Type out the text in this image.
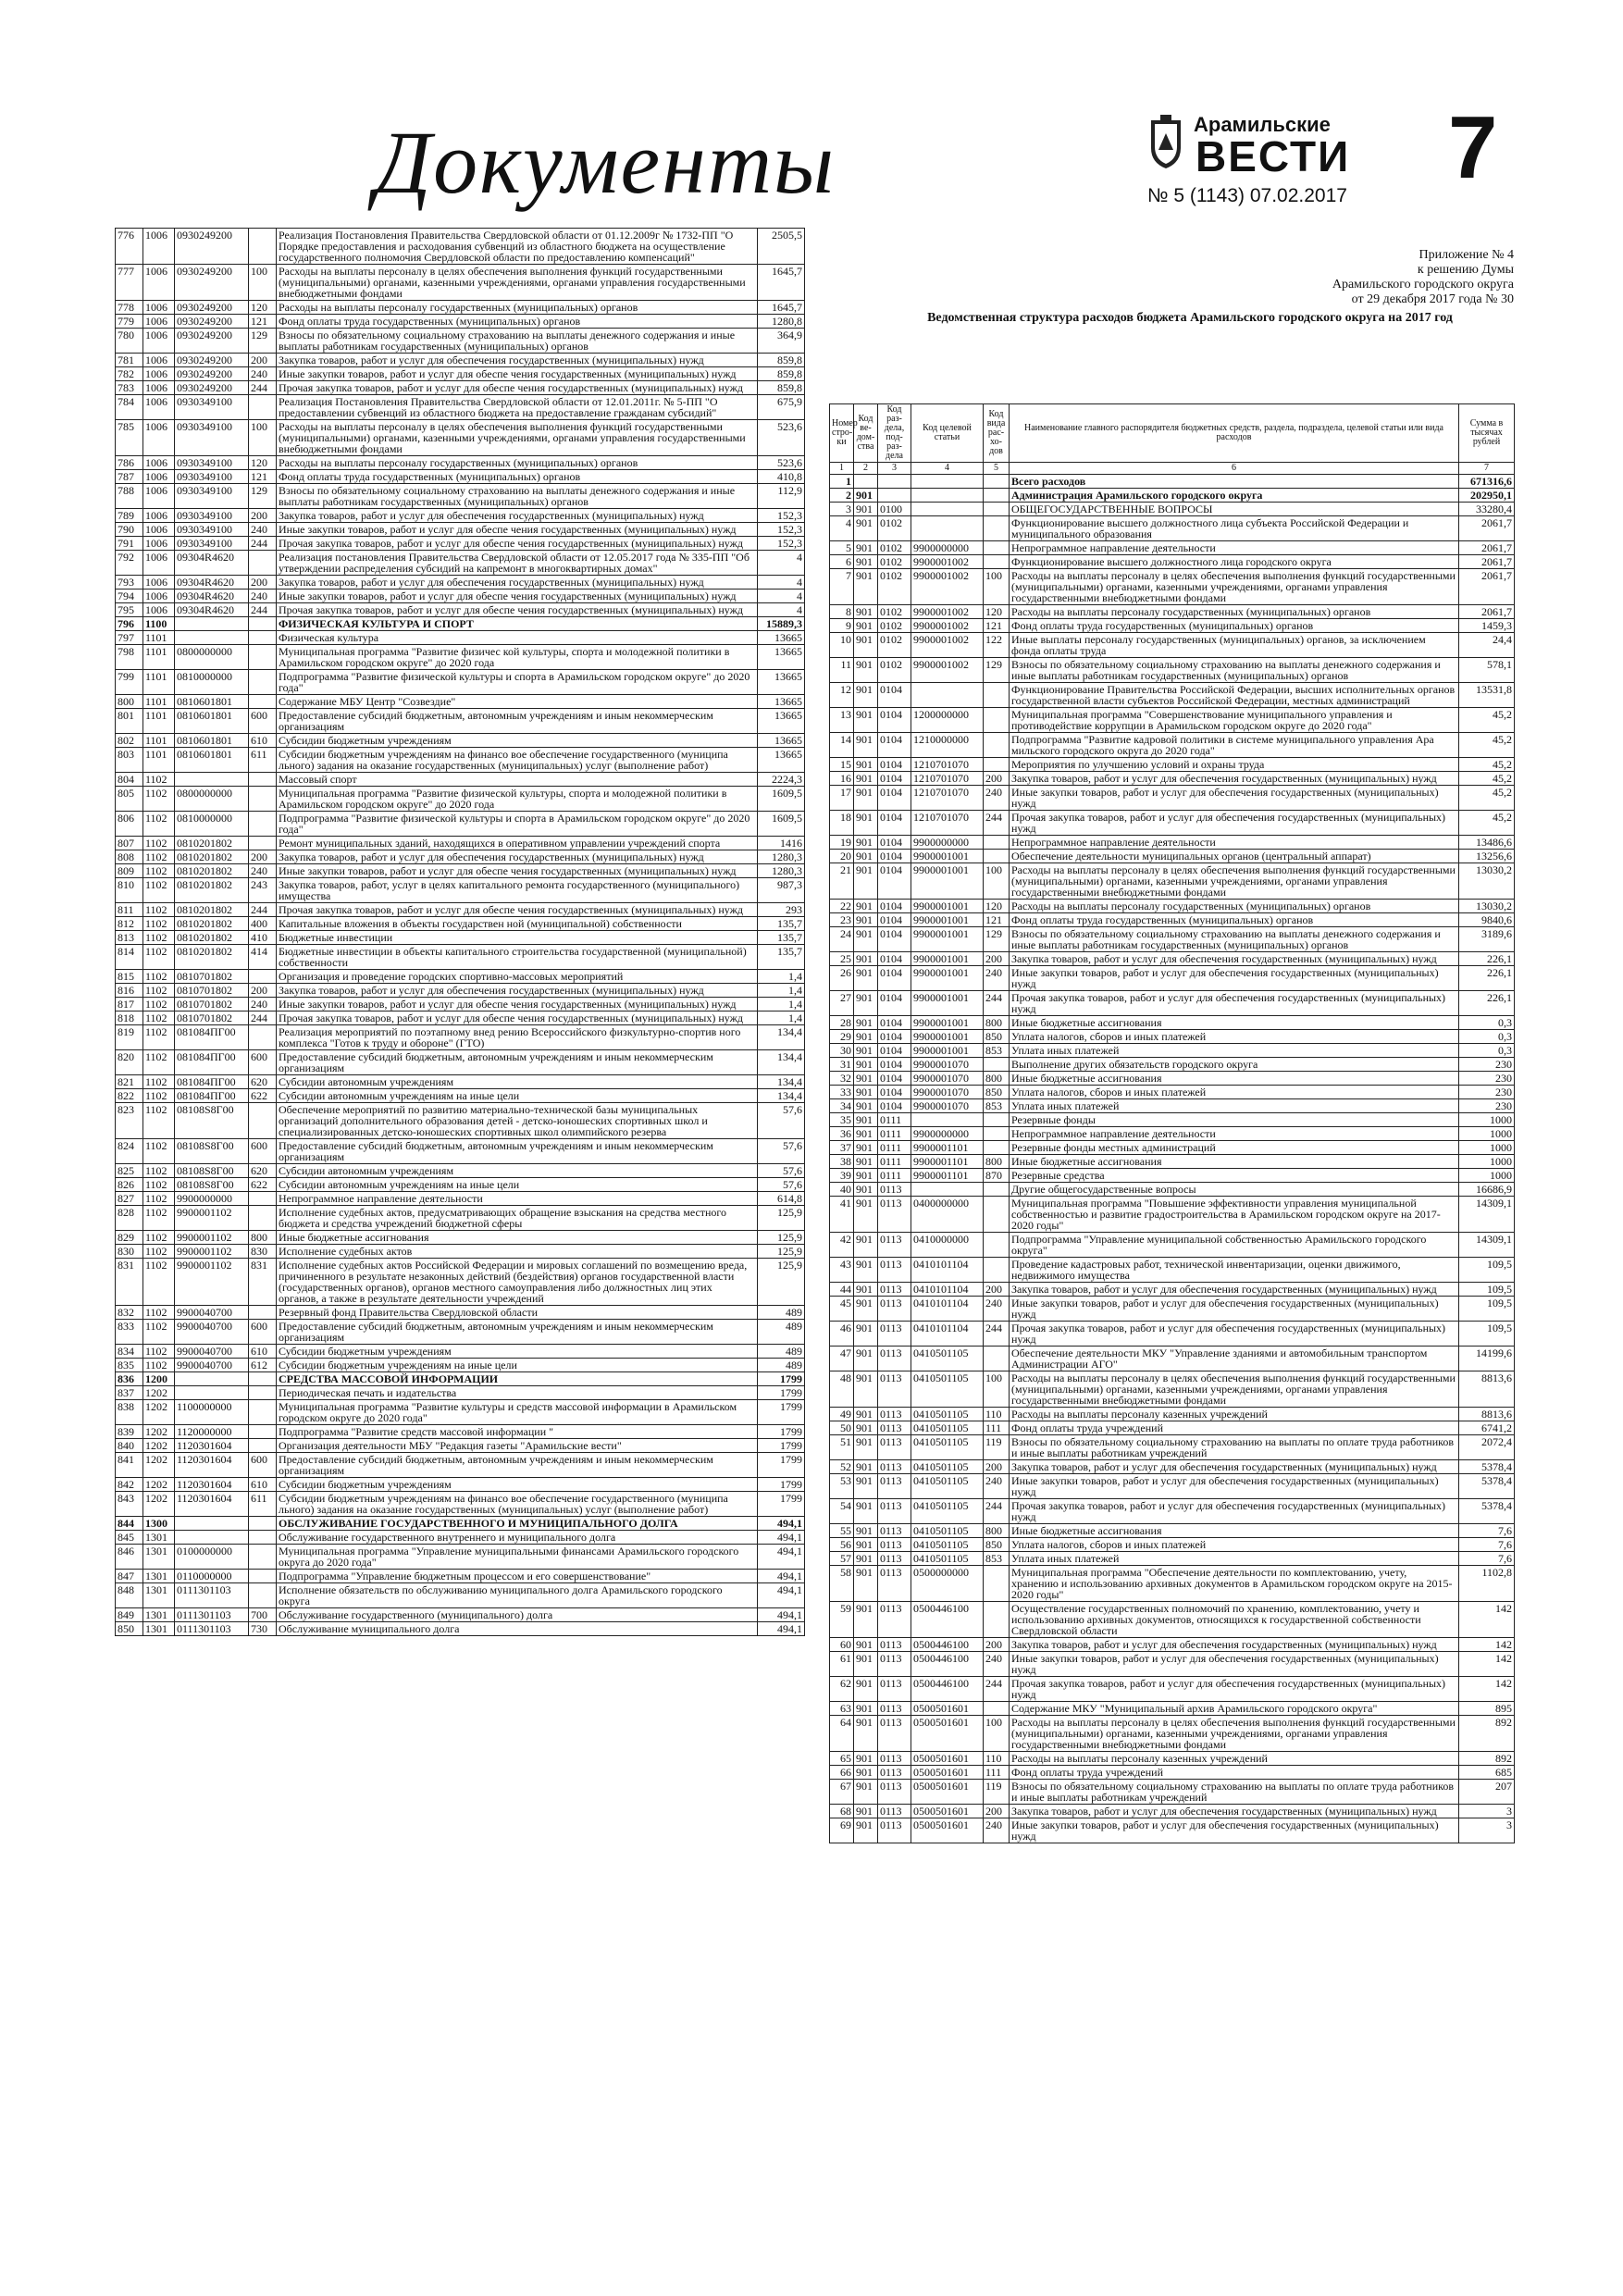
Документы	Арамильские
ВЕСТИ
№ 5 (1143) 07.02.2017 7
776	1006	0930249200		Реализация Постановления Правительства Свердловской области от 01.12.2009г № 1732-ПП "О Порядке предоставления и расходования субвенций из областного бюджета на осуществление государственного полномочия Свердловской области по предоставлению компенсаций"	2505,5
777	1006	0930249200	100	Расходы на выплаты персоналу в целях обеспечения выполнения функций государственными (муниципальными) органами, казенными учреждениями, органами управления государственными внебюджетными фондами	1645,7
778	1006	0930249200	120	Расходы на выплаты персоналу государственных (муниципальных) органов	1645,7
779	1006	0930249200	121	Фонд оплаты труда государственных (муниципальных) органов	1280,8
780	1006	0930249200	129	Взносы по обязательному социальному страхованию на выплаты денежного содержания и иные выплаты работникам государственных (муниципальных) органов	364,9
781	1006	0930249200	200	Закупка товаров, работ и услуг для обеспечения государственных (муниципальных) нужд	859,8
782	1006	0930249200	240	Иные закупки товаров, работ и услуг для обеспе чения государственных (муниципальных) нужд	859,8
783	1006	0930249200	244	Прочая закупка товаров, работ и услуг для обеспе чения государственных (муниципальных) нужд	859,8
784	1006	0930349100		Реализация Постановления Правительства Свердловской области от 12.01.2011г. № 5-ПП "О предоставлении субвенций из областного бюджета на предоставление гражданам субсидий"	675,9
785	1006	0930349100	100	Расходы на выплаты персоналу в целях обеспечения выполнения функций государственными (муниципальными) органами, казенными учреждениями, органами управления государственными внебюджетными фондами	523,6
786	1006	0930349100	120	Расходы на выплаты персоналу государственных (муниципальных) органов	523,6
787	1006	0930349100	121	Фонд оплаты труда государственных (муниципальных) органов	410,8
788	1006	0930349100	129	Взносы по обязательному социальному страхованию на выплаты денежного содержания и иные выплаты работникам государственных (муниципальных) органов	112,9
789	1006	0930349100	200	Закупка товаров, работ и услуг для обеспечения государственных (муниципальных) нужд	152,3
790	1006	0930349100	240	Иные закупки товаров, работ и услуг для обеспе чения государственных (муниципальных) нужд	152,3
791	1006	0930349100	244	Прочая закупка товаров, работ и услуг для обеспе чения государственных (муниципальных) нужд	152,3
792	1006	09304R4620		Реализация постановления Правительства Свердловской области от 12.05.2017 года № 335-ПП "Об утверждении распределения субсидий на капремонт в многоквартирных домах"	4
793	1006	09304R4620	200	Закупка товаров, работ и услуг для обеспечения государственных (муниципальных) нужд	4
794	1006	09304R4620	240	Иные закупки товаров, работ и услуг для обеспе чения государственных (муниципальных) нужд	4
795	1006	09304R4620	244	Прочая закупка товаров, работ и услуг для обеспе чения государственных (муниципальных) нужд	4
796	1100			ФИЗИЧЕСКАЯ КУЛЬТУРА И СПОРТ	15889,3
797	1101			Физическая культура	13665
798	1101	0800000000		Муниципальная программа "Развитие физичес кой культуры, спорта и молодежной политики в Арамильском городском округе" до 2020 года	13665
799	1101	0810000000		Подпрограмма "Развитие физической культуры и спорта в Арамильском городском округе" до 2020 года"	13665
800	1101	0810601801		Содержание МБУ Центр "Созвездие"	13665
801	1101	0810601801	600	Предоставление субсидий бюджетным, автономным учреждениям и иным некоммерческим организациям	13665
802	1101	0810601801	610	Субсидии бюджетным учреждениям	13665
803	1101	0810601801	611	Субсидии бюджетным учреждениям на финансо вое обеспечение государственного (муниципа льного) задания на оказание государственных (муниципальных) услуг (выполнение работ)	13665
804	1102			Массовый спорт	2224,3
805	1102	0800000000		Муниципальная программа "Развитие физической культуры, спорта и молодежной политики в Арамильском городском округе" до 2020 года	1609,5
806	1102	0810000000		Подпрограмма "Развитие физической культуры и спорта в Арамильском городском округе" до 2020 года"	1609,5
807	1102	0810201802		Ремонт муниципальных зданий, находящихся в оперативном управлении учреждений спорта	1416
808	1102	0810201802	200	Закупка товаров, работ и услуг для обеспечения государственных (муниципальных) нужд	1280,3
809	1102	0810201802	240	Иные закупки товаров, работ и услуг для обеспе чения государственных (муниципальных) нужд	1280,3
810	1102	0810201802	243	Закупка товаров, работ, услуг в целях капитального ремонта государственного (муниципального) имущества	987,3
811	1102	0810201802	244	Прочая закупка товаров, работ и услуг для обеспе чения государственных (муниципальных) нужд	293
812	1102	0810201802	400	Капитальные вложения в объекты государствен ной (муниципальной) собственности	135,7
813	1102	0810201802	410	Бюджетные инвестиции	135,7
814	1102	0810201802	414	Бюджетные инвестиции в объекты капитального строительства государственной (муниципальной) собственности	135,7
815	1102	0810701802		Организация и проведение городских спортивно-массовых мероприятий	1,4
816	1102	0810701802	200	Закупка товаров, работ и услуг для обеспечения государственных (муниципальных) нужд	1,4
817	1102	0810701802	240	Иные закупки товаров, работ и услуг для обеспе чения государственных (муниципальных) нужд	1,4
818	1102	0810701802	244	Прочая закупка товаров, работ и услуг для обеспе чения государственных (муниципальных) нужд	1,4
819	1102	081084ПГ00		Реализация мероприятий по поэтапному внед рению Всероссийского физкультурно-спортив ного комплекса "Готов к труду и обороне" (ГТО)	134,4
820	1102	081084ПГ00	600	Предоставление субсидий бюджетным, автономным учреждениям и иным некоммерческим организациям	134,4
821	1102	081084ПГ00	620	Субсидии автономным учреждениям	134,4
822	1102	081084ПГ00	622	Субсидии автономным учреждениям на иные цели	134,4
823	1102	08108S8Г00		Обеспечение мероприятий по развитию материально-технической базы муниципальных организаций дополнительного образования детей - детско-юношеских спортивных школ и специализированных детско-юношеских спортивных школ олимпийского резерва	57,6
824	1102	08108S8Г00	600	Предоставление субсидий бюджетным, автономным учреждениям и иным некоммерческим организациям	57,6
825	1102	08108S8Г00	620	Субсидии автономным учреждениям	57,6
826	1102	08108S8Г00	622	Субсидии автономным учреждениям на иные цели	57,6
827	1102	9900000000		Непрограммное направление деятельности	614,8
828	1102	9900001102		Исполнение судебных актов, предусматривающих обращение взыскания на средства местного бюджета и средства учреждений бюджетной сферы	125,9
829	1102	9900001102	800	Иные бюджетные ассигнования	125,9
830	1102	9900001102	830	Исполнение судебных актов	125,9
831	1102	9900001102	831	Исполнение судебных актов Российской Федерации и мировых соглашений по возмещению вреда, причиненного в результате незаконных действий (бездействия) органов государственной власти (государственных органов), органов местного самоуправления либо должностных лиц этих органов, а также в результате деятельности учреждений	125,9
832	1102	9900040700		Резервный фонд Правительства Свердловской области	489
833	1102	9900040700	600	Предоставление субсидий бюджетным, автономным учреждениям и иным некоммерческим организациям	489
834	1102	9900040700	610	Субсидии бюджетным учреждениям	489
835	1102	9900040700	612	Субсидии бюджетным учреждениям на иные цели	489
836	1200			СРЕДСТВА МАССОВОЙ ИНФОРМАЦИИ	1799
837	1202			Периодическая печать и издательства	1799
838	1202	1100000000		Муниципальная программа "Развитие культуры и средств массовой информации в Арамильском городском округе до 2020 года"	1799
839	1202	1120000000		Подпрограмма "Развитие средств массовой информации "	1799
840	1202	1120301604		Организация деятельности МБУ "Редакция газеты "Арамильские вести"	1799
841	1202	1120301604	600	Предоставление субсидий бюджетным, автономным учреждениям и иным некоммерческим организациям	1799
842	1202	1120301604	610	Субсидии бюджетным учреждениям	1799
843	1202	1120301604	611	Субсидии бюджетным учреждениям на финансо вое обеспечение государственного (муниципа льного) задания на оказание государственных (муниципальных) услуг (выполнение работ)	1799
844	1300			ОБСЛУЖИВАНИЕ ГОСУДАРСТВЕННОГО И МУНИЦИПАЛЬНОГО ДОЛГА	494,1
845	1301			Обслуживание государственного внутреннего и муниципального долга	494,1
846	1301	0100000000		Муниципальная программа "Управление муниципальными финансами Арамильского городского округа до 2020 года"	494,1
847	1301	0110000000		Подпрограмма "Управление бюджетным процессом и его совершенствование"	494,1
848	1301	0111301103		Исполнение обязательств по обслуживанию муниципального долга Арамильского городского округа	494,1
849	1301	0111301103	700	Обслуживание государственного (муниципального) долга	494,1
850	1301	0111301103	730	Обслуживание муниципального долга	494,1
Приложение № 4
к решению Думы
Арамильского городского округа
от 29 декабря 2017 года № 30
Ведомственная структура расходов бюджета Арамильского городского округа на 2017 год
Номер стро-ки	Код ве-дом-ства	Код раз-дела, под-раз-дела	Код целевой статьи	Код вида рас-хо-дов	Наименование главного распорядителя бюджетных средств, раздела, подраздела, целевой статьи или вида расходов	Сумма в тысячах рублей
1	2	3	4	5	6	7
1					Всего расходов	671316,6
2	901				Администрация Арамильского городского округа	202950,1
3	901	0100			ОБЩЕГОСУДАРСТВЕННЫЕ ВОПРОСЫ	33280,4
4	901	0102			Функционирование высшего должностного лица субъекта Российской Федерации и муниципального образования	2061,7
5	901	0102	9900000000		Непрограммное направление деятельности	2061,7
6	901	0102	9900001002		Функционирование высшего должностного лица городского округа	2061,7
7	901	0102	9900001002	100	Расходы на выплаты персоналу в целях обеспечения выполнения функций государственными (муниципальными) органами, казенными учреждениями, органами управления государственными внебюджетными фондами	2061,7
8	901	0102	9900001002	120	Расходы на выплаты персоналу государственных (муниципальных) органов	2061,7
9	901	0102	9900001002	121	Фонд оплаты труда государственных (муниципальных) органов	1459,3
10	901	0102	9900001002	122	Иные выплаты персоналу государственных (муниципальных) органов, за исключением фонда оплаты труда	24,4
11	901	0102	9900001002	129	Взносы по обязательному социальному страхованию на выплаты денежного содержания и иные выплаты работникам государственных (муниципальных) органов	578,1
12	901	0104			Функционирование Правительства Российской Федерации, высших исполнительных органов государственной власти субъектов Российской Федерации, местных администраций	13531,8
13	901	0104	1200000000		Муниципальная программа "Совершенствование муниципального управления и противодействие коррупции в Арамильском городском округе до 2020 года"	45,2
14	901	0104	1210000000		Подпрограмма "Развитие кадровой политики в системе муниципального управления Ара мильского городского округа до 2020 года"	45,2
15	901	0104	1210701070		Мероприятия по улучшению условий и охраны труда	45,2
16	901	0104	1210701070	200	Закупка товаров, работ и услуг для обеспечения государственных (муниципальных) нужд	45,2
17	901	0104	1210701070	240	Иные закупки товаров, работ и услуг для обеспечения государственных (муниципальных) нужд	45,2
18	901	0104	1210701070	244	Прочая закупка товаров, работ и услуг для обеспечения государственных (муниципальных) нужд	45,2
19	901	0104	9900000000		Непрограммное направление деятельности	13486,6
20	901	0104	9900001001		Обеспечение деятельности муниципальных органов (центральный аппарат)	13256,6
21	901	0104	9900001001	100	Расходы на выплаты персоналу в целях обеспечения выполнения функций государственными (муниципальными) органами, казенными учреждениями, органами управления государственными внебюджетными фондами	13030,2
22	901	0104	9900001001	120	Расходы на выплаты персоналу государственных (муниципальных) органов	13030,2
23	901	0104	9900001001	121	Фонд оплаты труда государственных (муниципальных) органов	9840,6
24	901	0104	9900001001	129	Взносы по обязательному социальному страхованию на выплаты денежного содержания и иные выплаты работникам государственных (муниципальных) органов	3189,6
25	901	0104	9900001001	200	Закупка товаров, работ и услуг для обеспечения государственных (муниципальных) нужд	226,1
26	901	0104	9900001001	240	Иные закупки товаров, работ и услуг для обеспечения государственных (муниципальных) нужд	226,1
27	901	0104	9900001001	244	Прочая закупка товаров, работ и услуг для обеспечения государственных (муниципальных) нужд	226,1
28	901	0104	9900001001	800	Иные бюджетные ассигнования	0,3
29	901	0104	9900001001	850	Уплата налогов, сборов и иных платежей	0,3
30	901	0104	9900001001	853	Уплата иных платежей	0,3
31	901	0104	9900001070		Выполнение других обязательств городского округа	230
32	901	0104	9900001070	800	Иные бюджетные ассигнования	230
33	901	0104	9900001070	850	Уплата налогов, сборов и иных платежей	230
34	901	0104	9900001070	853	Уплата иных платежей	230
35	901	0111			Резервные фонды	1000
36	901	0111	9900000000		Непрограммное направление деятельности	1000
37	901	0111	9900001101		Резервные фонды местных администраций	1000
38	901	0111	9900001101	800	Иные бюджетные ассигнования	1000
39	901	0111	9900001101	870	Резервные средства	1000
40	901	0113			Другие общегосударственные вопросы	16686,9
41	901	0113	0400000000		Муниципальная программа "Повышение эффективности управления муниципальной собственностью и развитие градостроительства в Арамильском городском округе на 2017-2020 годы"	14309,1
42	901	0113	0410000000		Подпрограмма "Управление муниципальной собственностью Арамильского городского округа"	14309,1
43	901	0113	0410101104		Проведение кадастровых работ, технической инвентаризации, оценки движимого, недвижимого имущества	109,5
44	901	0113	0410101104	200	Закупка товаров, работ и услуг для обеспечения государственных (муниципальных) нужд	109,5
45	901	0113	0410101104	240	Иные закупки товаров, работ и услуг для обеспечения государственных (муниципальных) нужд	109,5
46	901	0113	0410101104	244	Прочая закупка товаров, работ и услуг для обеспечения государственных (муниципальных) нужд	109,5
47	901	0113	0410501105		Обеспечение деятельности МКУ "Управление зданиями и автомобильным транспортом Администрации АГО"	14199,6
48	901	0113	0410501105	100	Расходы на выплаты персоналу в целях обеспечения выполнения функций государственными (муниципальными) органами, казенными учреждениями, органами управления государственными внебюджетными фондами	8813,6
49	901	0113	0410501105	110	Расходы на выплаты персоналу казенных учреждений	8813,6
50	901	0113	0410501105	111	Фонд оплаты труда учреждений	6741,2
51	901	0113	0410501105	119	Взносы по обязательному социальному страхованию на выплаты по оплате труда работников и иные выплаты работникам учреждений	2072,4
52	901	0113	0410501105	200	Закупка товаров, работ и услуг для обеспечения государственных (муниципальных) нужд	5378,4
53	901	0113	0410501105	240	Иные закупки товаров, работ и услуг для обеспечения государственных (муниципальных) нужд	5378,4
54	901	0113	0410501105	244	Прочая закупка товаров, работ и услуг для обеспечения государственных (муниципальных) нужд	5378,4
55	901	0113	0410501105	800	Иные бюджетные ассигнования	7,6
56	901	0113	0410501105	850	Уплата налогов, сборов и иных платежей	7,6
57	901	0113	0410501105	853	Уплата иных платежей	7,6
58	901	0113	0500000000		Муниципальная программа "Обеспечение деятельности по комплектованию, учету, хранению и использованию архивных документов в Арамильском городском округе на 2015-2020 годы"	1102,8
59	901	0113	0500446100		Осуществление государственных полномочий по хранению, комплектованию, учету и использованию архивных документов, относящихся к государственной собственности Свердловской области	142
60	901	0113	0500446100	200	Закупка товаров, работ и услуг для обеспечения государственных (муниципальных) нужд	142
61	901	0113	0500446100	240	Иные закупки товаров, работ и услуг для обеспечения государственных (муниципальных) нужд	142
62	901	0113	0500446100	244	Прочая закупка товаров, работ и услуг для обеспечения государственных (муниципальных) нужд	142
63	901	0113	0500501601		Содержание МКУ "Муниципальный архив Арамильского городского округа"	895
64	901	0113	0500501601	100	Расходы на выплаты персоналу в целях обеспечения выполнения функций государственными (муниципальными) органами, казенными учреждениями, органами управления государственными внебюджетными фондами	892
65	901	0113	0500501601	110	Расходы на выплаты персоналу казенных учреждений	892
66	901	0113	0500501601	111	Фонд оплаты труда учреждений	685
67	901	0113	0500501601	119	Взносы по обязательному социальному страхованию на выплаты по оплате труда работников и иные выплаты работникам учреждений	207
68	901	0113	0500501601	200	Закупка товаров, работ и услуг для обеспечения государственных (муниципальных) нужд	3
69	901	0113	0500501601	240	Иные закупки товаров, работ и услуг для обеспечения государственных (муниципальных) нужд	3
